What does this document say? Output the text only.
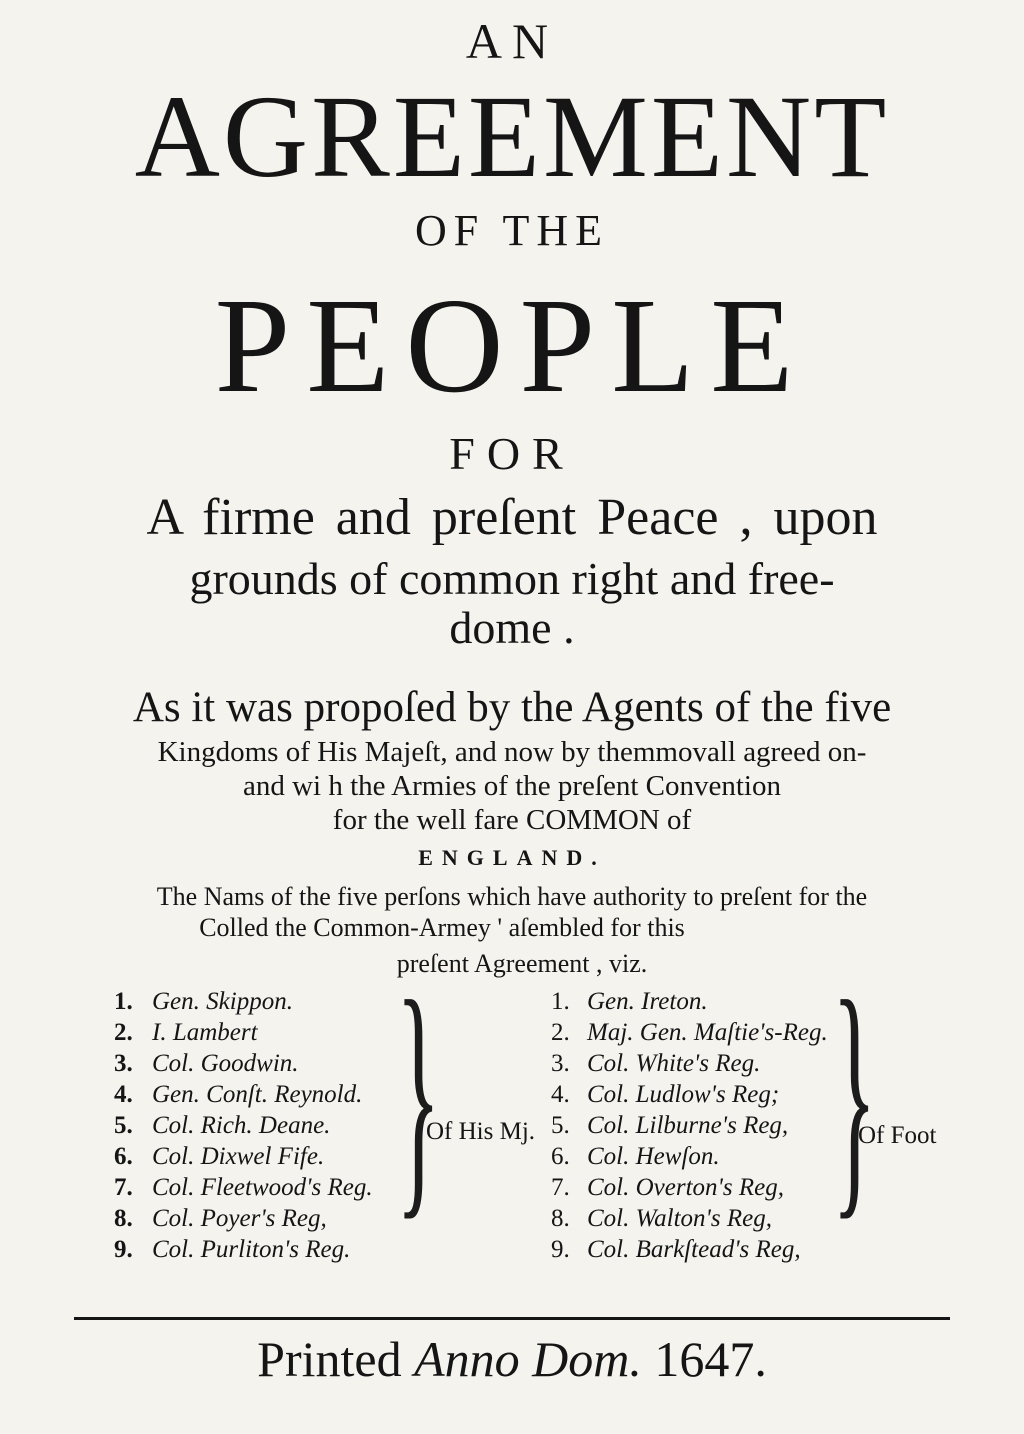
AN
AGREEMENT
OF THE
PEOPLE
FOR
A firme and preſent Peace , upon
grounds of common right and free-
dome .
As it was propoſed by the Agents of the five
Kingdoms of His Majeſt, and now by themmovall agreed on-
and wi h the Armies of the preſent Convention
for the well fare COMMON of
ENGLAND.
The Nams of the five perſons which have authority to preſent for the
Colled the Common-Armey ' aſembled for this
preſent Agreement , viz.
1. Gen. Skippon.
2. I. Lambert
3. Col. Goodwin.
4. Gen. Conſt. Reynold.
5. Col. Rich. Deane.
6. Col. Dixwel Fife.
7. Col. Fleetwood's Reg.
8. Col. Poyer's Reg,
9. Col. Purliton's Reg.
}
Of His Mj.
1. Gen. Ireton.
2. Maj. Gen. Maſtie's-Reg.
3. Col. White's Reg.
4. Col. Ludlow's Reg;
5. Col. Lilburne's Reg,
6. Col. Hewſon.
7. Col. Overton's Reg,
8. Col. Walton's Reg,
9. Col. Barkſtead's Reg,
}
Of Foot
Printed Anno Dom. 1647.
